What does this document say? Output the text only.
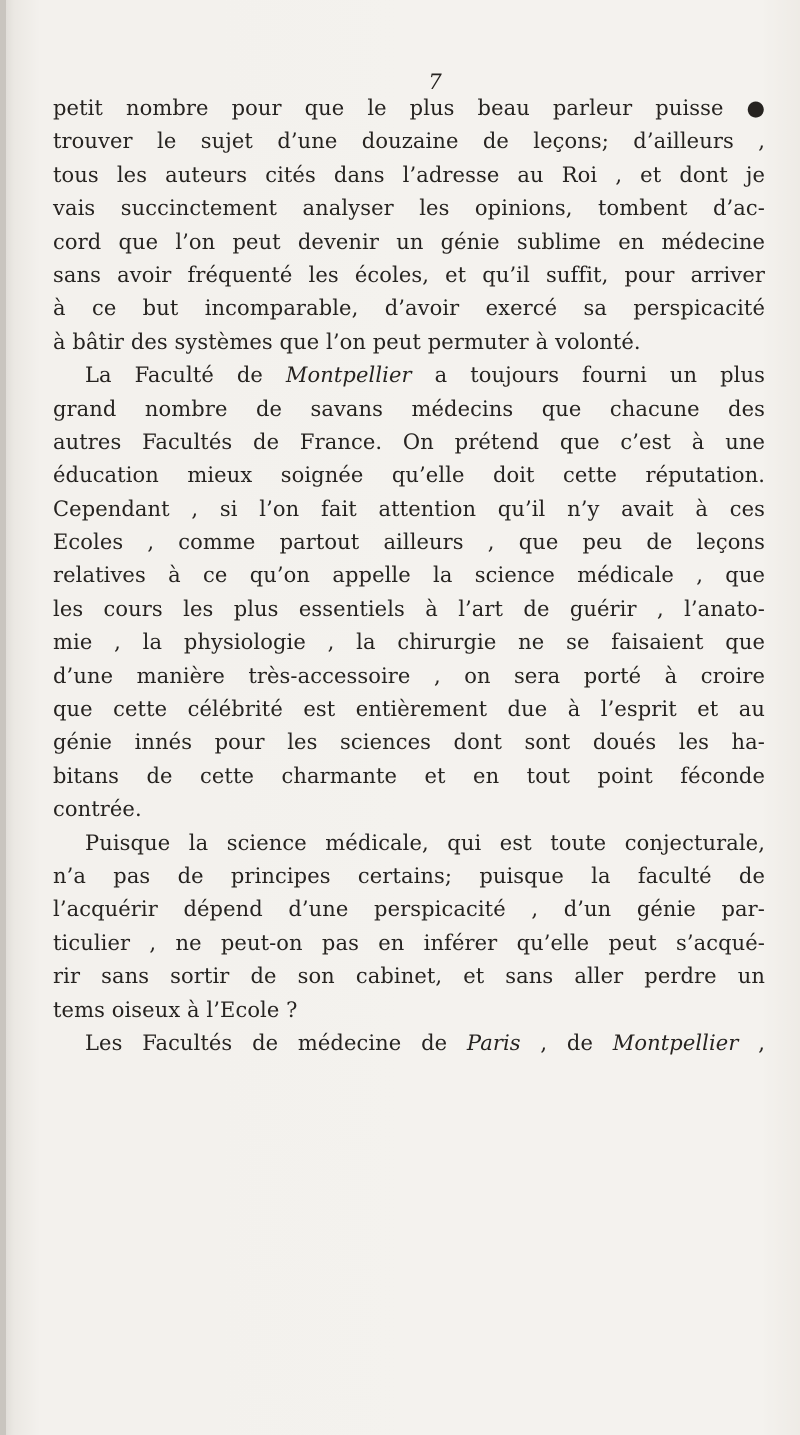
7
petit nombre pour que le plus beau parleur puisse ●
trouver le sujet d’une douzaine de leçons; d’ailleurs ,
tous les auteurs cités dans l’adresse au Roi , et dont je
vais succinctement analyser les opinions, tombent d’ac-
cord que l’on peut devenir un génie sublime en médecine
sans avoir fréquenté les écoles, et qu’il suffit, pour arriver
à ce but incomparable, d’avoir exercé sa perspicacité
à bâtir des systèmes que l’on peut permuter à volonté.
La Faculté de Montpellier a toujours fourni un plus
grand nombre de savans médecins que chacune des
autres Facultés de France. On prétend que c’est à une
éducation mieux soignée qu’elle doit cette réputation.
Cependant , si l’on fait attention qu’il n’y avait à ces
Ecoles , comme partout ailleurs , que peu de leçons
relatives à ce qu’on appelle la science médicale , que
les cours les plus essentiels à l’art de guérir , l’anato-
mie , la physiologie , la chirurgie ne se faisaient que
d’une manière très-accessoire , on sera porté à croire
que cette célébrité est entièrement due à l’esprit et au
génie innés pour les sciences dont sont doués les ha-
bitans de cette charmante et en tout point féconde
contrée.
Puisque la science médicale, qui est toute conjecturale,
n’a pas de principes certains; puisque la faculté de
l’acquérir dépend d’une perspicacité , d’un génie par-
ticulier , ne peut-on pas en inférer qu’elle peut s’acqué-
rir sans sortir de son cabinet, et sans aller perdre un
tems oiseux à l’Ecole ?
Les Facultés de médecine de Paris , de Montpellier ,
